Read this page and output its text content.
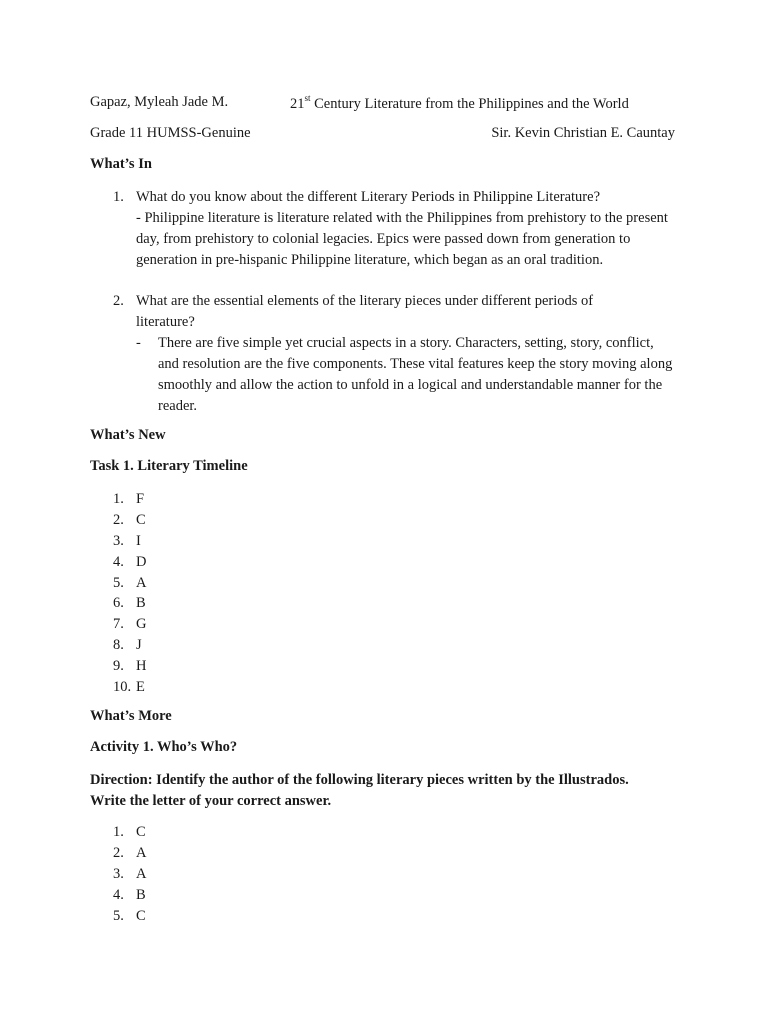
Gapaz, Myleah Jade M.	21st Century Literature from the Philippines and the World
Grade 11 HUMSS-Genuine	Sir. Kevin Christian E. Cauntay
What’s In
1. What do you know about the different Literary Periods in Philippine Literature?
- Philippine literature is literature related with the Philippines from prehistory to the present day, from prehistory to colonial legacies. Epics were passed down from generation to generation in pre-hispanic Philippine literature, which began as an oral tradition.
2. What are the essential elements of the literary pieces under different periods of literature?
- There are five simple yet crucial aspects in a story. Characters, setting, story, conflict, and resolution are the five components. These vital features keep the story moving along smoothly and allow the action to unfold in a logical and understandable manner for the reader.
What’s New
Task 1. Literary Timeline
1. F
2. C
3. I
4. D
5. A
6. B
7. G
8. J
9. H
10. E
What’s More
Activity 1. Who’s Who?
Direction: Identify the author of the following literary pieces written by the Illustrados. Write the letter of your correct answer.
1. C
2. A
3. A
4. B
5. C
